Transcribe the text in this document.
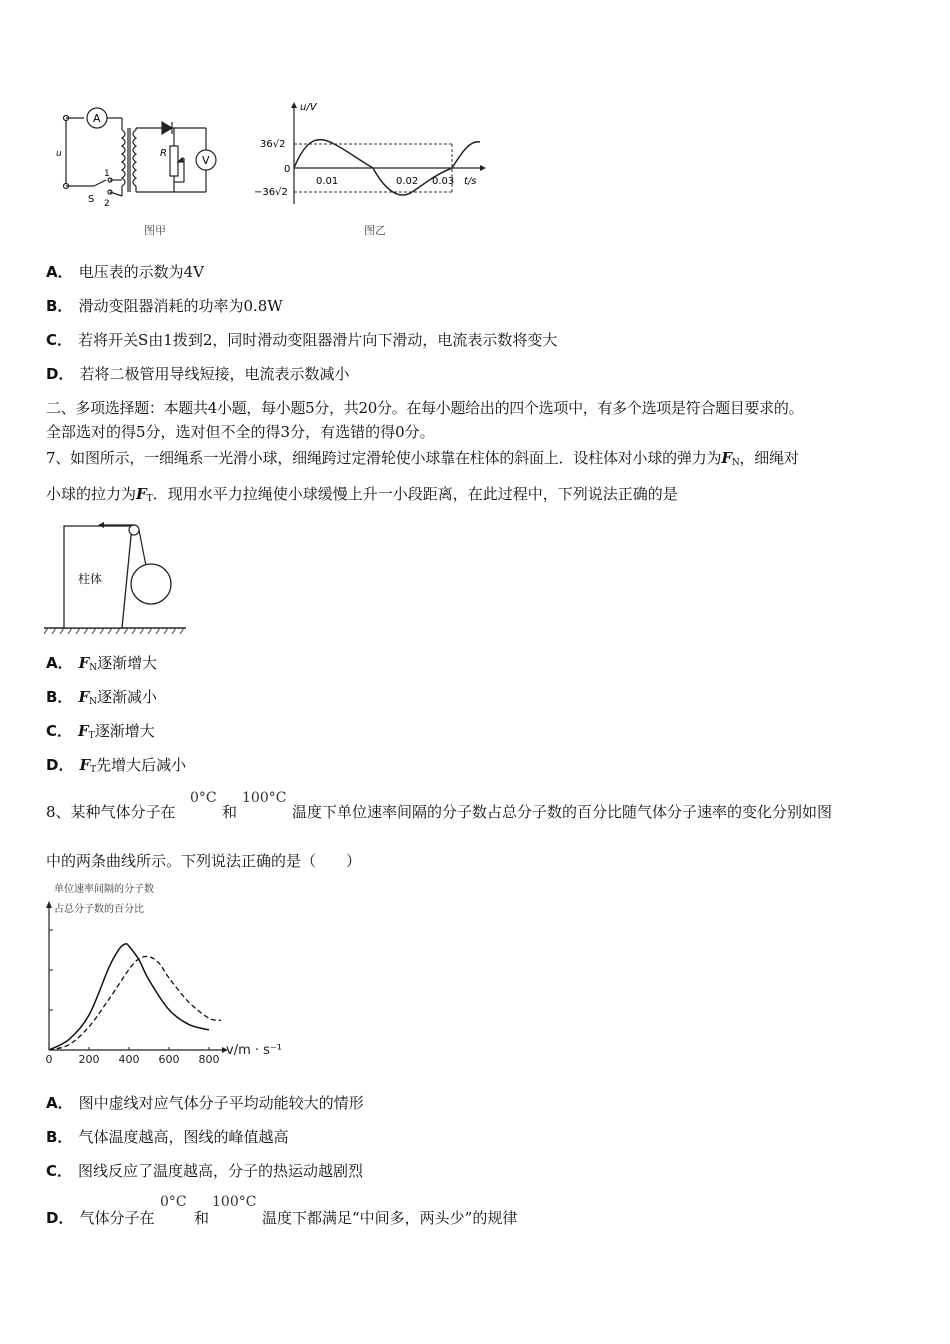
A
V
u	R
S
1
2
图甲
u/V
t/s
36√2
0
−36√2
0.01	0.02 0.03
图乙
A． 电压表的示数为4V
B． 滑动变阻器消耗的功率为0.8W
C． 若将开关S由1拨到2，同时滑动变阻器滑片向下滑动，电流表示数将变大
D． 若将二极管用导线短接，电流表示数减小
二、多项选择题：本题共4小题，每小题5分，共20分。在每小题给出的四个选项中，有多个选项是符合题目要求的。
全部选对的得5分，选对但不全的得3分，有选错的得0分。
7、如图所示，一细绳系一光滑小球，细绳跨过定滑轮使小球靠在柱体的斜面上．设柱体对小球的弹力为$F_N$，细绳对
小球的拉力为$F_T$．现用水平力拉绳使小球缓慢上升一小段距离，在此过程中，下列说法正确的是
柱体
A． $F_N$逐渐增大
B． $F_N$逐渐减小
C． $F_T$逐渐增大
D． $F_T$先增大后减小
8、某种气体分子在
0°C
和
100°C
温度下单位速率间隔的分子数占总分子数的百分比随气体分子速率的变化分别如图
中的两条曲线所示。下列说法正确的是（　　）
单位速率间隔的分子数
占总分子数的百分比
0 200 400 600 800
v/m · s⁻¹
A． 图中虚线对应气体分子平均动能较大的情形
B． 气体温度越高，图线的峰值越高
C． 图线反应了温度越高，分子的热运动越剧烈
D． 气体分子在
0°C
和
100°C
温度下都满足“中间多，两头少”的规律
